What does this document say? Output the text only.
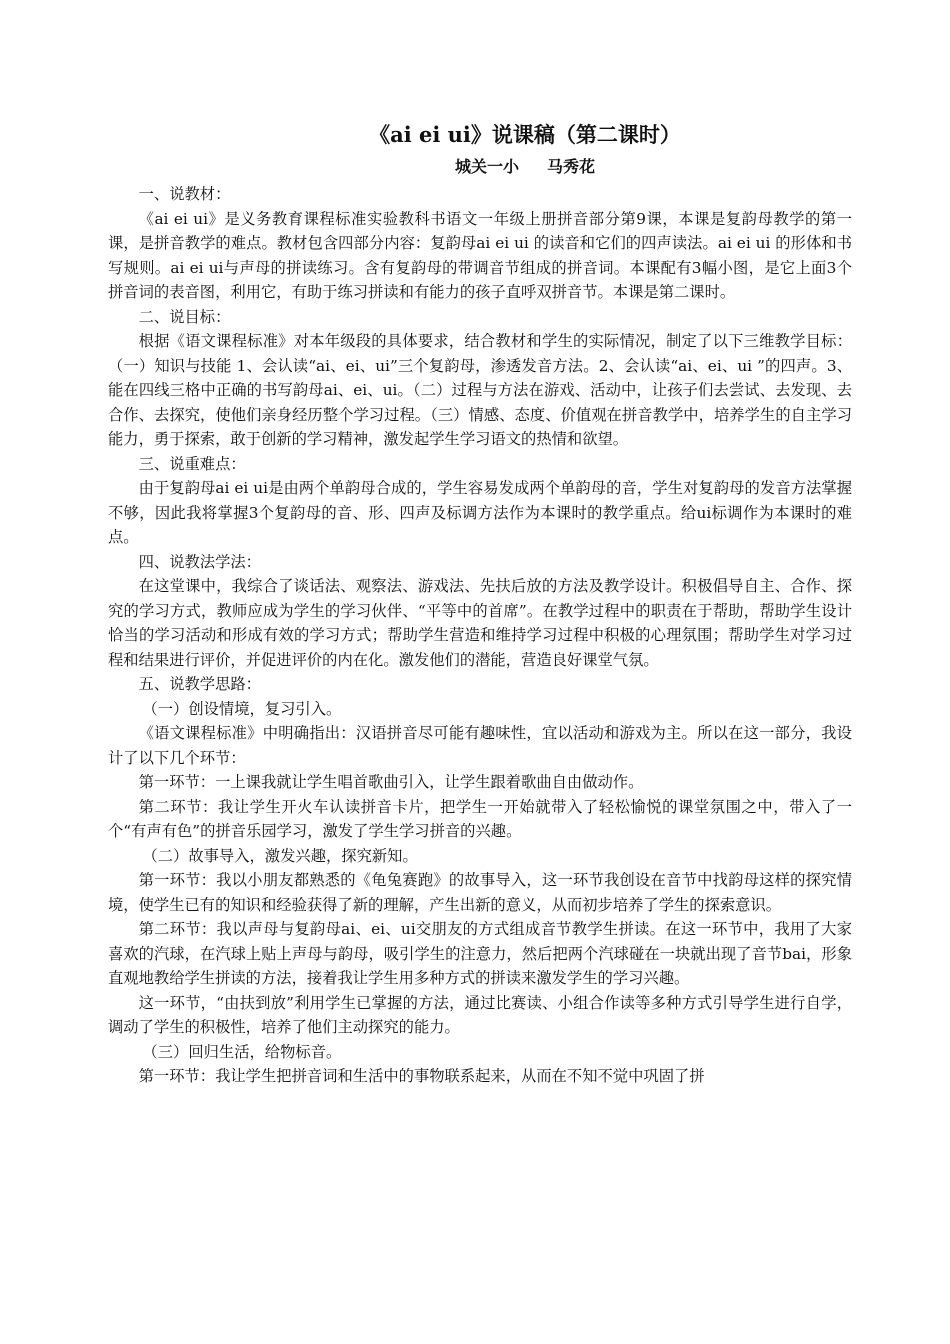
《ai ei ui》说课稿（第二课时）
城关一小 马秀花

一、说教材：

《ai ei ui》是义务教育课程标准实验教科书语文一年级上册拼音部分第9课，本课是复韵母教学的第一课，是拼音教学的难点。教材包含四部分内容：复韵母ai ei ui 的读音和它们的四声读法。ai ei ui 的形体和书写规则。ai ei ui与声母的拼读练习。含有复韵母的带调音节组成的拼音词。本课配有3幅小图，是它上面3个拼音词的表音图，利用它，有助于练习拼读和有能力的孩子直呼双拼音节。本课是第二课时。

二、说目标：

根据《语文课程标准》对本年级段的具体要求，结合教材和学生的实际情况，制定了以下三维教学目标：（一）知识与技能 1、会认读“ai、ei、ui”三个复韵母，渗透发音方法。2、会认读“ai、ei、ui ”的四声。3、能在四线三格中正确的书写韵母ai、ei、ui。（二）过程与方法在游戏、活动中，让孩子们去尝试、去发现、去合作、去探究，使他们亲身经历整个学习过程。（三）情感、态度、价值观在拼音教学中，培养学生的自主学习能力，勇于探索，敢于创新的学习精神，激发起学生学习语文的热情和欲望。

三、说重难点：

由于复韵母ai ei ui是由两个单韵母合成的，学生容易发成两个单韵母的音，学生对复韵母的发音方法掌握不够，因此我将掌握3个复韵母的音、形、四声及标调方法作为本课时的教学重点。给ui标调作为本课时的难点。

四、说教法学法：

在这堂课中，我综合了谈话法、观察法、游戏法、先扶后放的方法及教学设计。积极倡导自主、合作、探究的学习方式，教师应成为学生的学习伙伴、“平等中的首席”。在教学过程中的职责在于帮助，帮助学生设计恰当的学习活动和形成有效的学习方式；帮助学生营造和维持学习过程中积极的心理氛围；帮助学生对学习过程和结果进行评价，并促进评价的内在化。激发他们的潜能，营造良好课堂气氛。

五、说教学思路：

（一）创设情境，复习引入。

《语文课程标准》中明确指出：汉语拼音尽可能有趣味性，宜以活动和游戏为主。所以在这一部分，我设计了以下几个环节：

第一环节：一上课我就让学生唱首歌曲引入，让学生跟着歌曲自由做动作。

第二环节：我让学生开火车认读拼音卡片，把学生一开始就带入了轻松愉悦的课堂氛围之中，带入了一个“有声有色”的拼音乐园学习，激发了学生学习拼音的兴趣。

（二）故事导入，激发兴趣，探究新知。

第一环节：我以小朋友都熟悉的《龟兔赛跑》的故事导入，这一环节我创设在音节中找韵母这样的探究情境，使学生已有的知识和经验获得了新的理解，产生出新的意义，从而初步培养了学生的探索意识。

第二环节：我以声母与复韵母ai、ei、ui交朋友的方式组成音节教学生拼读。在这一环节中，我用了大家喜欢的汽球，在汽球上贴上声母与韵母，吸引学生的注意力，然后把两个汽球碰在一块就出现了音节bai，形象直观地教给学生拼读的方法，接着我让学生用多种方式的拼读来激发学生的学习兴趣。

这一环节，“由扶到放”利用学生已掌握的方法，通过比赛读、小组合作读等多种方式引导学生进行自学，调动了学生的积极性，培养了他们主动探究的能力。

（三）回归生活，给物标音。

第一环节：我让学生把拼音词和生活中的事物联系起来，从而在不知不觉中巩固了拼
